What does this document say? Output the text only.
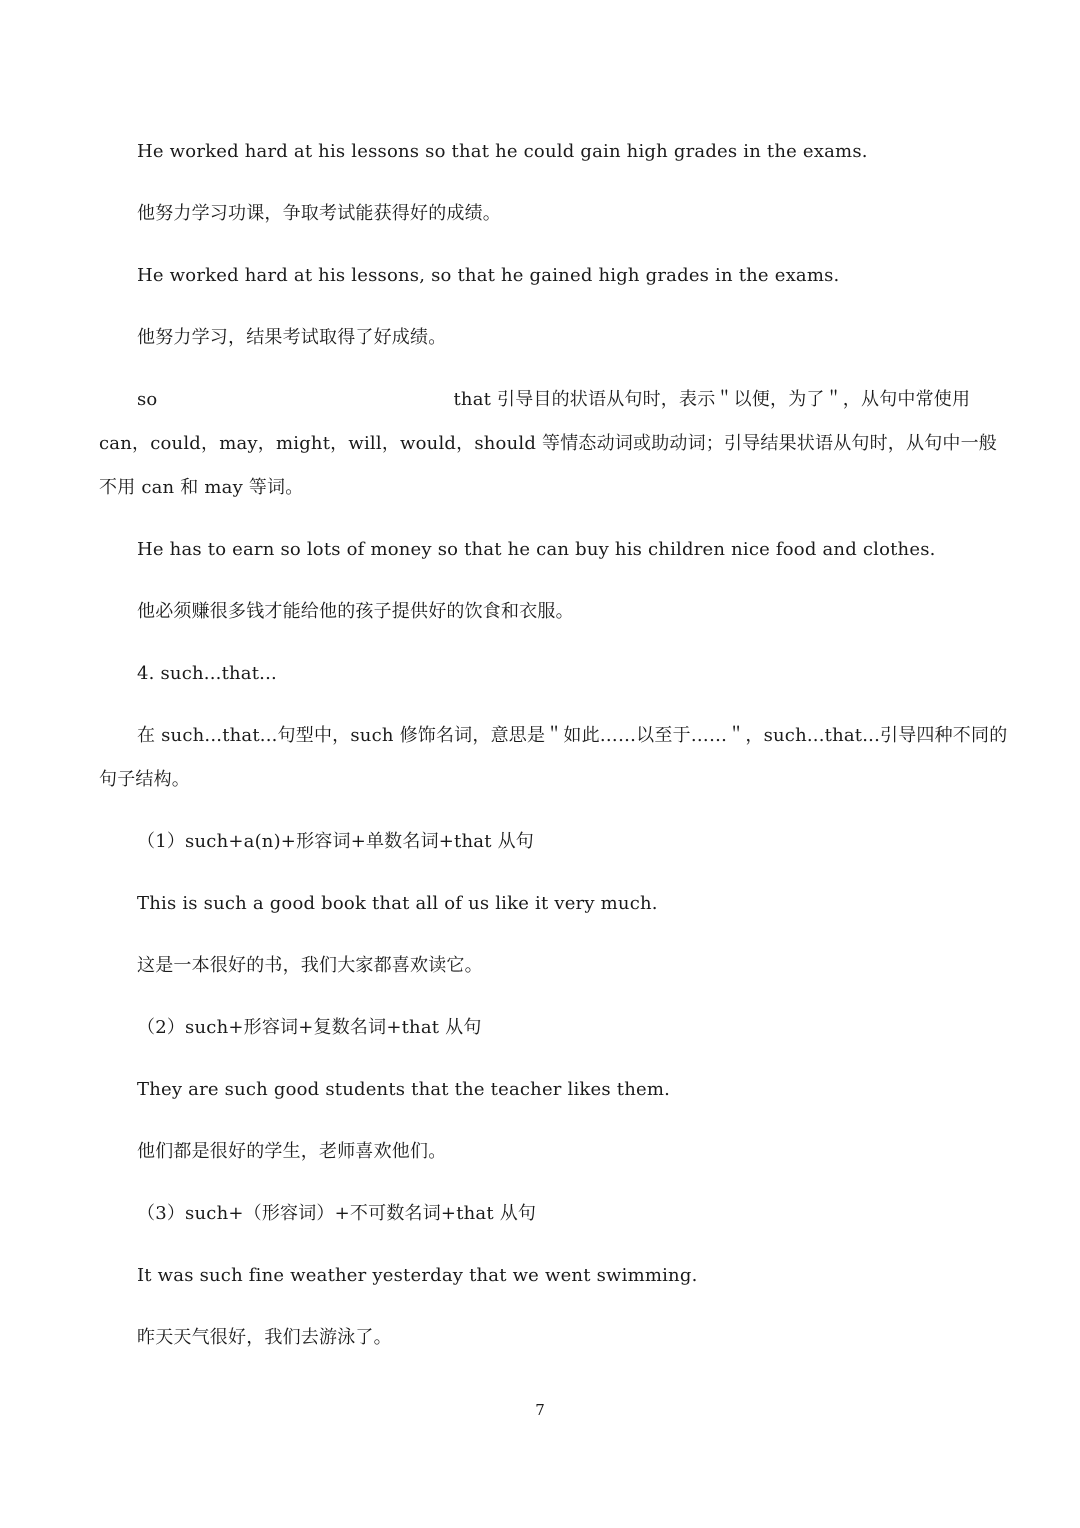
He worked hard at his lessons so that he could gain high grades in the exams.
他努力学习功课，争取考试能获得好的成绩。
He worked hard at his lessons, so that he gained high grades in the exams.
他努力学习，结果考试取得了好成绩。
so	that 引导目的状语从句时，表示＂以便，为了＂，从句中常使用
can，could，may，might，will，would，should 等情态动词或助动词；引导结果状语从句时，从句中一般
不用 can 和 may 等词。
He has to earn so lots of money so that he can buy his children nice food and clothes.
他必须赚很多钱才能给他的孩子提供好的饮食和衣服。
4. such...that...
在 such...that...句型中，such 修饰名词，意思是＂如此……以至于……＂，such...that...引导四种不同的
句子结构。
（1）such+a(n)+形容词+单数名词+that 从句
This is such a good book that all of us like it very much.
这是一本很好的书，我们大家都喜欢读它。
（2）such+形容词+复数名词+that 从句
They are such good students that the teacher likes them.
他们都是很好的学生，老师喜欢他们。
（3）such+（形容词）+不可数名词+that 从句
It was such fine weather yesterday that we went swimming.
昨天天气很好，我们去游泳了。
7
